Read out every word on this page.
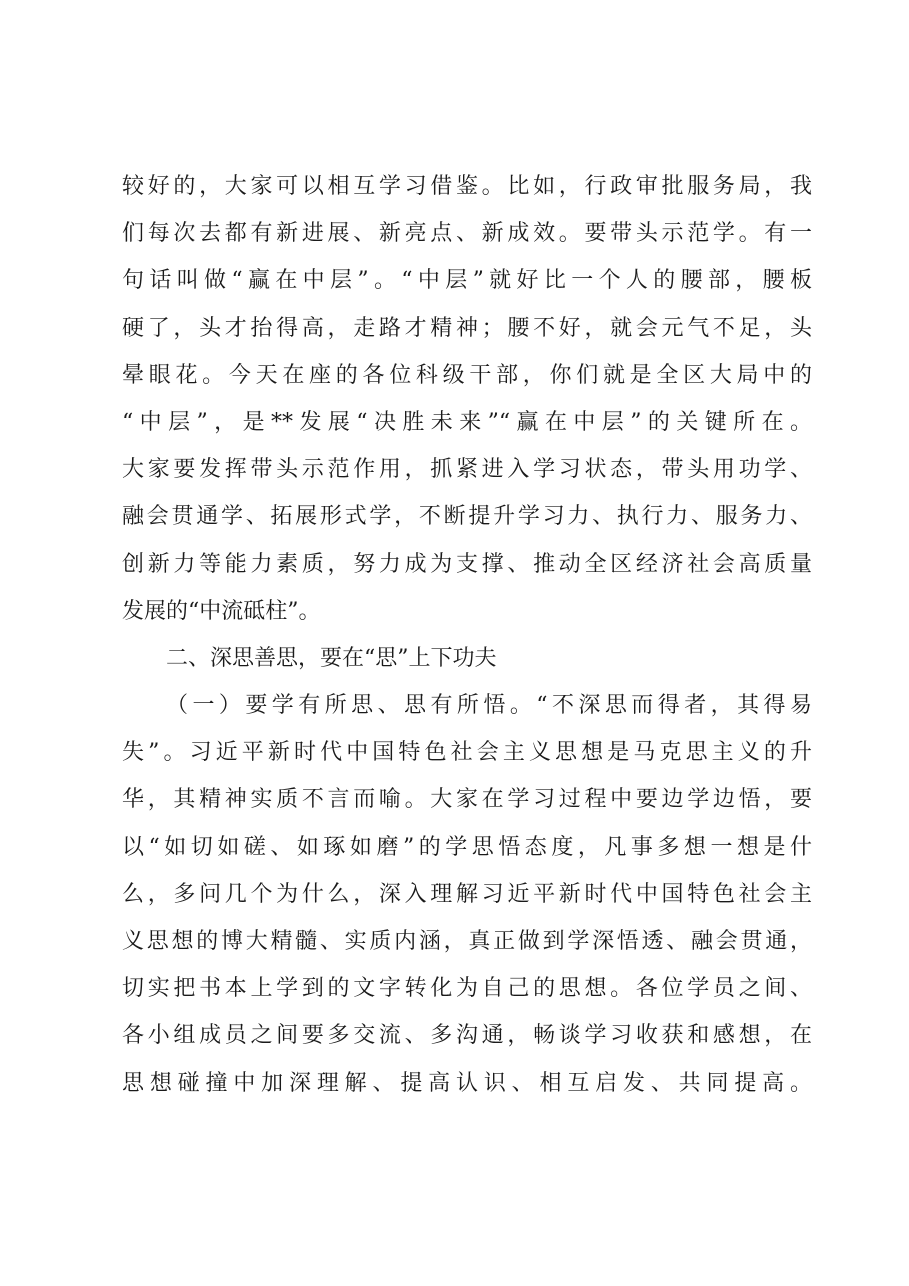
较好的，大家可以相互学习借鉴。比如，行政审批服务局，我
们每次去都有新进展、新亮点、新成效。要带头示范学。有一
句话叫做“赢在中层”。“中层”就好比一个人的腰部，腰板
硬了，头才抬得高，走路才精神；腰不好，就会元气不足，头
晕眼花。今天在座的各位科级干部，你们就是全区大局中的
“中层”，是**发展“决胜未来”“赢在中层”的关键所在。
大家要发挥带头示范作用，抓紧进入学习状态，带头用功学、
融会贯通学、拓展形式学，不断提升学习力、执行力、服务力、
创新力等能力素质，努力成为支撑、推动全区经济社会高质量
发展的“中流砥柱”。
二、深思善思，要在“思”上下功夫
（一）要学有所思、思有所悟。“不深思而得者，其得易
失”。习近平新时代中国特色社会主义思想是马克思主义的升
华，其精神实质不言而喻。大家在学习过程中要边学边悟，要
以“如切如磋、如琢如磨”的学思悟态度，凡事多想一想是什
么，多问几个为什么，深入理解习近平新时代中国特色社会主
义思想的博大精髓、实质内涵，真正做到学深悟透、融会贯通，
切实把书本上学到的文字转化为自己的思想。各位学员之间、
各小组成员之间要多交流、多沟通，畅谈学习收获和感想，在
思想碰撞中加深理解、提高认识、相互启发、共同提高。
